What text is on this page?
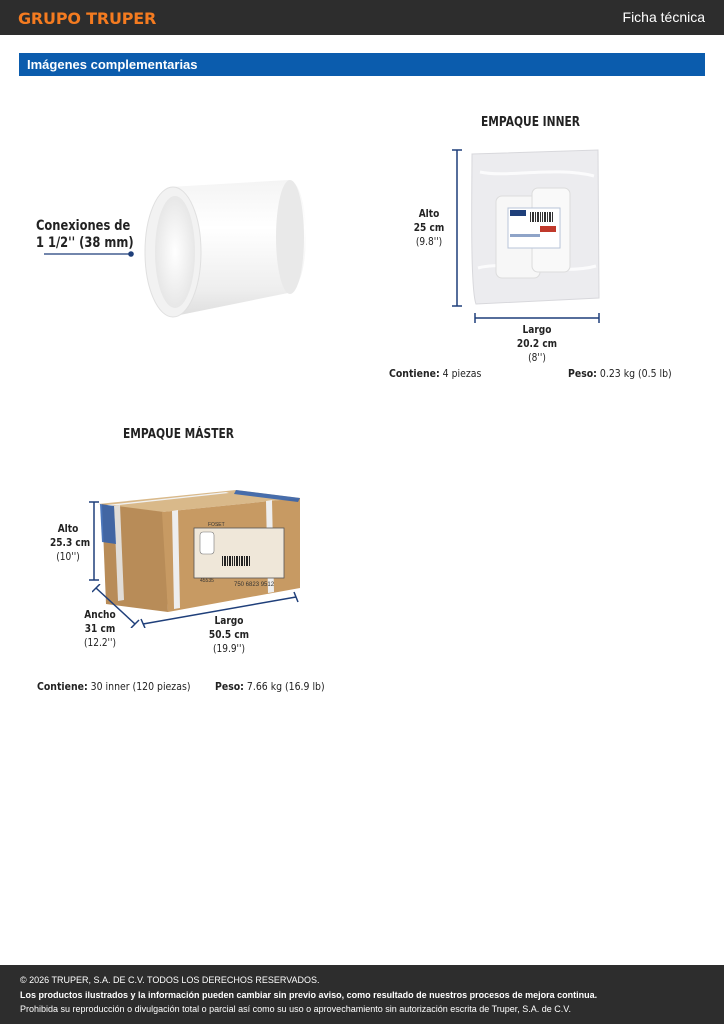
GRUPO TRUPER	Ficha técnica
Imágenes complementarias
Conexiones de
1 1/2'' (38 mm)
EMPAQUE INNER
Alto
25 cm
(9.8'')
Largo
20.2 cm
(8'')
Contiene: 4 piezas	Peso: 0.23 kg (0.5 lb)
EMPAQUE MÁSTER
FOSET
45535
750 6823 9512
Alto
25.3 cm
(10'')
Ancho
31 cm
(12.2'')
Largo
50.5 cm
(19.9'')
Contiene: 30 inner (120 piezas) Peso: 7.66 kg (16.9 lb)
© 2026 TRUPER, S.A. DE C.V. TODOS LOS DERECHOS RESERVADOS.
Los productos ilustrados y la información pueden cambiar sin previo aviso, como resultado de nuestros procesos de mejora continua.
Prohibida su reproducción o divulgación total o parcial así como su uso o aprovechamiento sin autorización escrita de Truper, S.A. de C.V.
